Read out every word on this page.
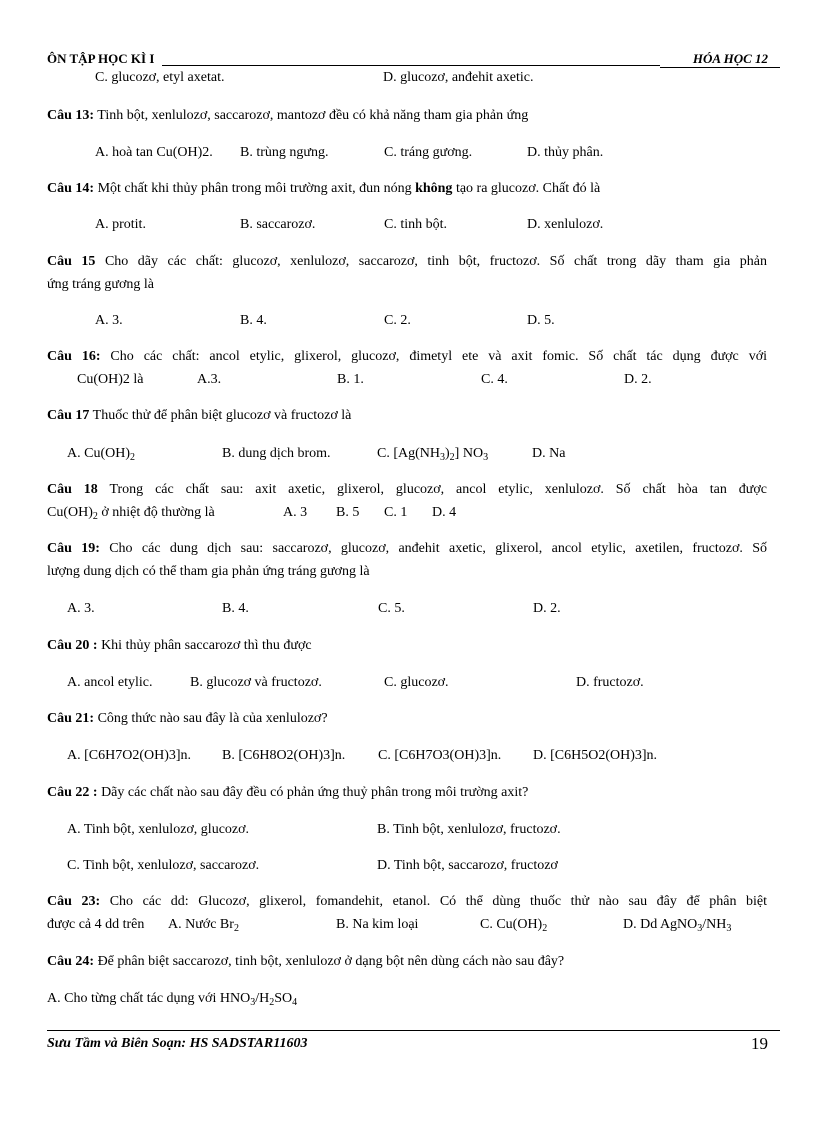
ÔN TẬP HỌC KÌ I	HÓA HỌC 12
C. glucozơ, etyl axetat.	D. glucozơ, anđehit axetic.
Câu 13: Tinh bột, xenlulozơ, saccarozơ, mantozơ đều có khả năng tham gia phản ứng
A. hoà tan Cu(OH)2. B. trùng ngưng.	C. tráng gương.	D. thủy phân.
Câu 14: Một chất khi thủy phân trong môi trường axit, đun nóng không tạo ra glucozơ. Chất đó là
A. protit.	B. saccarozơ.	C. tinh bột.	D. xenlulozơ.
Câu 15 Cho dãy các chất: glucozơ, xenlulozơ, saccarozơ, tinh bột, fructozơ. Số chất trong dãy tham gia phản
ứng tráng gương là
A. 3.	B. 4.	C. 2.	D. 5.
Câu 16: Cho các chất: ancol etylic, glixerol, glucozơ, đimetyl ete và axit fomic. Số chất tác dụng được với
Cu(OH)2 là	A.3.	B. 1.	C. 4.	D. 2.
Câu 17 Thuốc thử để phân biệt glucozơ và fructozơ là
A. $Cu(OH)_2$	B. dung dịch brom.	C. $[Ag(NH_3)_2]$ $NO_3$	D. Na
Câu 18 Trong các chất sau: axit axetic, glixerol, glucozơ, ancol etylic, xenlulozơ. Số chất hòa tan được
$Cu(OH)_2$ ở nhiệt độ thường là	A. 3 B. 5 C. 1 D. 4
Câu 19: Cho các dung dịch sau: saccarozơ, glucozơ, anđehit axetic, glixerol, ancol etylic, axetilen, fructozơ. Số
lượng dung dịch có thể tham gia phản ứng tráng gương là
A. 3.	B. 4.	C. 5.	D. 2.
Câu 20 : Khi thủy phân saccarozơ thì thu được
A. ancol etylic.	B. glucozơ và fructozơ.	C. glucozơ.	D. fructozơ.
Câu 21: Công thức nào sau đây là của xenlulozơ?
A. [C6H7O2(OH)3]n. B. [C6H8O2(OH)3]n. C. [C6H7O3(OH)3]n. D. [C6H5O2(OH)3]n.
Câu 22 : Dãy các chất nào sau đây đều có phản ứng thuỷ phân trong môi trường axit?
A. Tinh bột, xenlulozơ, glucozơ.	B. Tinh bột, xenlulozơ, fructozơ.
C. Tinh bột, xenlulozơ, saccarozơ.	D. Tinh bột, saccarozơ, fructozơ
Câu 23: Cho các dd: Glucozơ, glixerol, fomandehit, etanol. Có thể dùng thuốc thử nào sau đây để phân biệt
được cả 4 dd trên A. Nước $Br_2$	B. Na kim loại	C. $Cu(OH)_2$	D. Dd $AgNO_3/NH_3$
Câu 24: Để phân biệt saccarozơ, tinh bột, xenlulozơ ở dạng bột nên dùng cách nào sau đây?
A. Cho từng chất tác dụng với $HNO_3/H_2SO_4$
Sưu Tầm và Biên Soạn: HS SADSTAR11603	19
